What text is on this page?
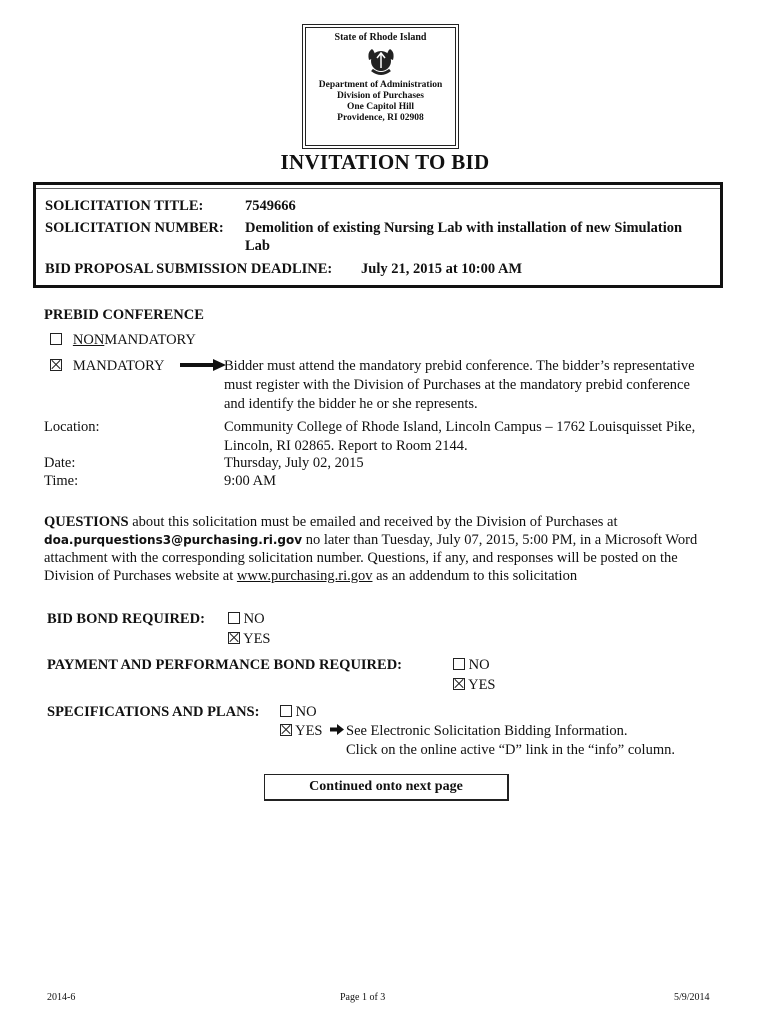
State of Rhode Island
Department of Administration
Division of Purchases
One Capitol Hill
Providence, RI 02908
INVITATION TO BID
SOLICITATION TITLE:	7549666
SOLICITATION NUMBER: Demolition of existing Nursing Lab with installation of new Simulation
Lab
BID PROPOSAL SUBMISSION DEADLINE: July 21, 2015 at 10:00 AM
PREBID CONFERENCE
NONMANDATORY
MANDATORY	Bidder must attend the mandatory prebid conference. The bidder’s representative
must register with the Division of Purchases at the mandatory prebid conference
and identify the bidder he or she represents.
Location:	Community College of Rhode Island, Lincoln Campus – 1762 Louisquisset Pike,
Lincoln, RI 02865. Report to Room 2144.
Date:	Thursday, July 02, 2015
Time:	9:00 AM
QUESTIONS about this solicitation must be emailed and received by the Division of Purchases at
doa.purquestions3@purchasing.ri.gov no later than Tuesday, July 07, 2015, 5:00 PM, in a Microsoft Word
attachment with the corresponding solicitation number. Questions, if any, and responses will be posted on the
Division of Purchases website at www.purchasing.ri.gov as an addendum to this solicitation
BID BOND REQUIRED:	NO
YES
PAYMENT AND PERFORMANCE BOND REQUIRED:	NO
YES
SPECIFICATIONS AND PLANS:	NO
YES See Electronic Solicitation Bidding Information.
Click on the online active “D” link in the “info” column.
Continued onto next page
2014-6	Page 1 of 3	5/9/2014
